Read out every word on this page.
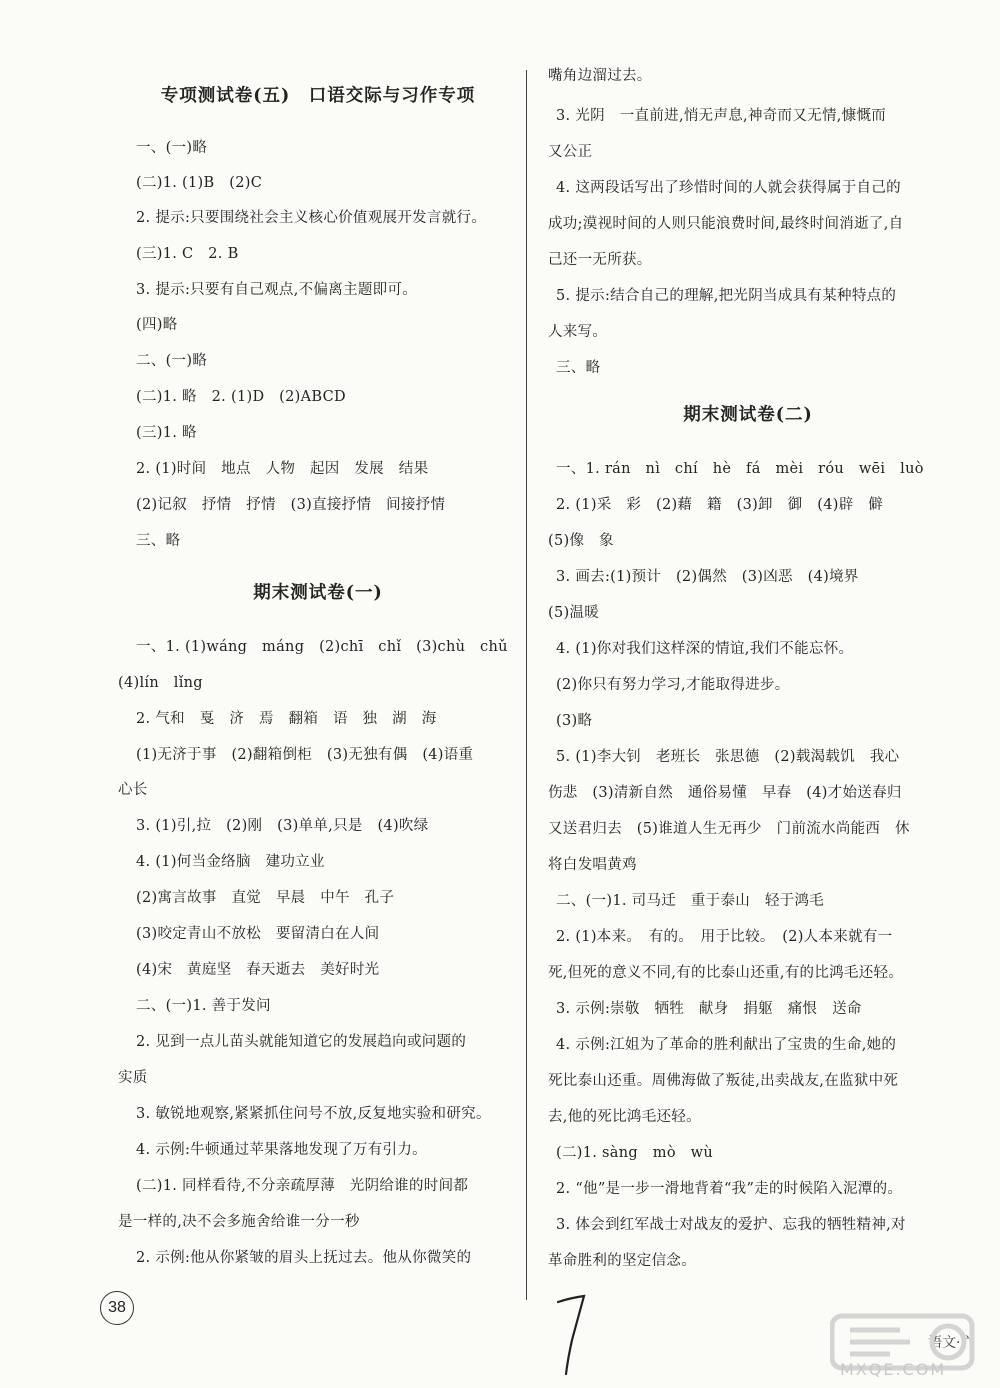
专项测试卷(五)　口语交际与习作专项
一、(一)略
(二)1. (1)B　(2)C
2. 提示:只要围绕社会主义核心价值观展开发言就行。
(三)1. C　2. B
3. 提示:只要有自己观点,不偏离主题即可。
(四)略
二、(一)略
(二)1. 略　2. (1)D　(2)ABCD
(三)1. 略
2. (1)时间　地点　人物　起因　发展　结果
(2)记叙　抒情　抒情　(3)直接抒情　间接抒情
三、略
期末测试卷(一)
一、1. (1)wáng　máng　(2)chī　chǐ　(3)chù　chǔ
(4)lín　lǐng
2. 气和　戛　济　焉　翻箱　语　独　湖　海
(1)无济于事　(2)翻箱倒柜　(3)无独有偶　(4)语重
心长
3. (1)引,拉　(2)刚　(3)单单,只是　(4)吹绿
4. (1)何当金络脑　建功立业
(2)寓言故事　直觉　早晨　中午　孔子
(3)咬定青山不放松　要留清白在人间
(4)宋　黄庭坚　春天逝去　美好时光
二、(一)1. 善于发问
2. 见到一点儿苗头就能知道它的发展趋向或问题的
实质
3. 敏锐地观察,紧紧抓住问号不放,反复地实验和研究。
4. 示例:牛顿通过苹果落地发现了万有引力。
(二)1. 同样看待,不分亲疏厚薄　光阴给谁的时间都
是一样的,决不会多施舍给谁一分一秒
2. 示例:他从你紧皱的眉头上抚过去。他从你微笑的
嘴角边溜过去。
3. 光阴　一直前进,悄无声息,神奇而又无情,慷慨而
又公正
4. 这两段话写出了珍惜时间的人就会获得属于自己的
成功;漠视时间的人则只能浪费时间,最终时间消逝了,自
己还一无所获。
5. 提示:结合自己的理解,把光阴当成具有某种特点的
人来写。
三、略
期末测试卷(二)
一、1. rán　nì　chí　hè　fá　mèi　róu　wēi　luò
2. (1)采　彩　(2)藉　籍　(3)卸　御　(4)辟　僻
(5)像　象
3. 画去:(1)预计　(2)偶然　(3)凶恶　(4)境界
(5)温暖
4. (1)你对我们这样深的情谊,我们不能忘怀。
(2)你只有努力学习,才能取得进步。
(3)略
5. (1)李大钊　老班长　张思德　(2)载渴载饥　我心
伤悲　(3)清新自然　通俗易懂　早春　(4)才始送春归
又送君归去　(5)谁道人生无再少　门前流水尚能西　休
将白发唱黄鸡
二、(一)1. 司马迁　重于泰山　轻于鸿毛
2. (1)本来。　有的。　用于比较。　(2)人本来就有一
死,但死的意义不同,有的比泰山还重,有的比鸿毛还轻。
3. 示例:崇敬　牺牲　献身　捐躯　痛恨　送命
4. 示例:江姐为了革命的胜利献出了宝贵的生命,她的
死比泰山还重。周佛海做了叛徒,出卖战友,在监狱中死
去,他的死比鸿毛还轻。
(二)1. sàng　mò　wù
2. “他”是一步一滑地背着“我”走的时候陷入泥潭的。
3. 体会到红军战士对战友的爱护、忘我的牺牲精神,对
革命胜利的坚定信念。
38
语文·六
MXQE.COM
